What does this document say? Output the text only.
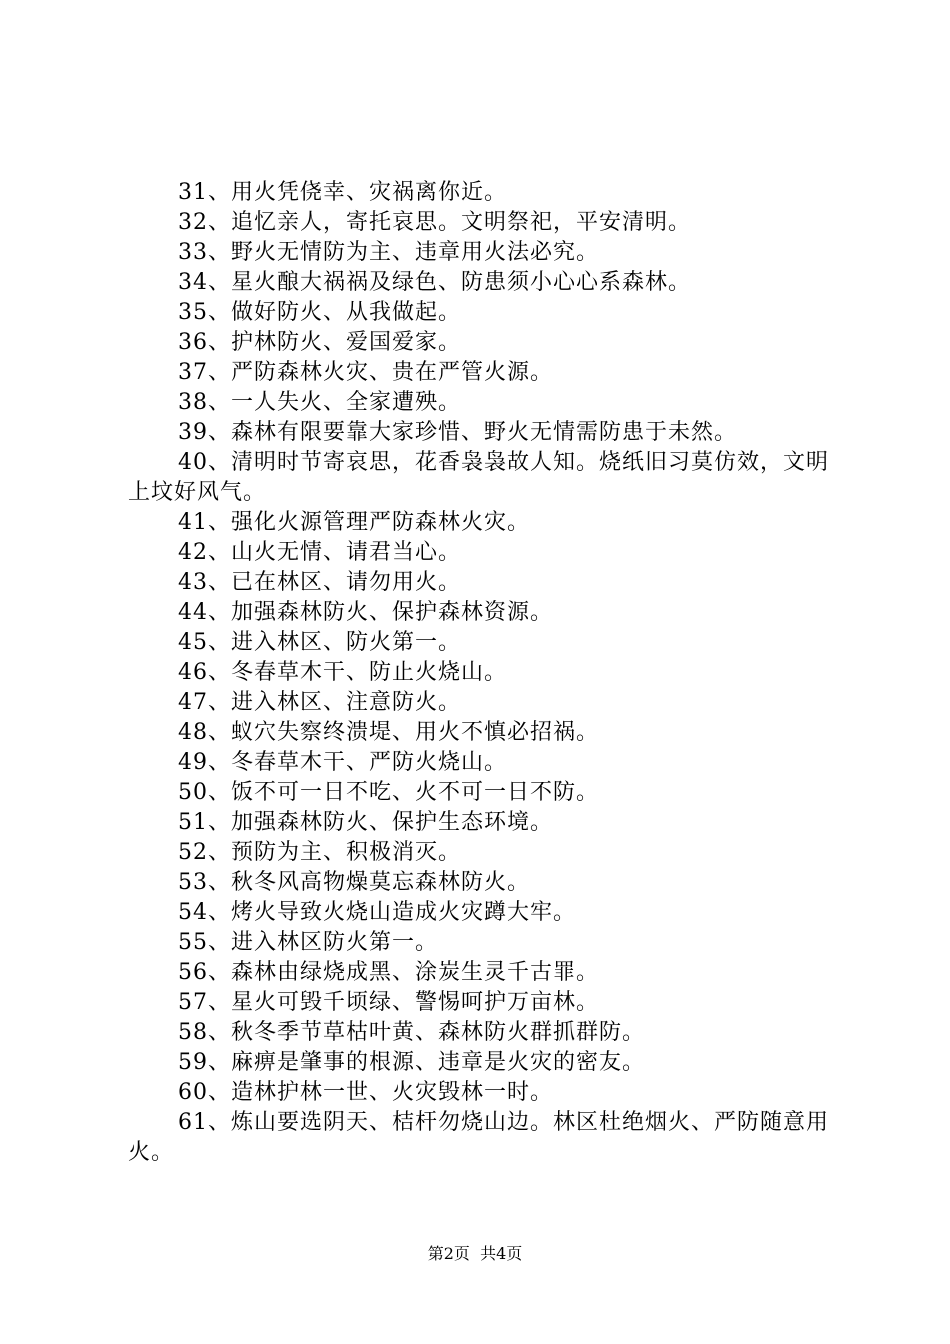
31、用火凭侥幸、灾祸离你近。

32、追忆亲人，寄托哀思。文明祭祀，平安清明。

33、野火无情防为主、违章用火法必究。

34、星火酿大祸祸及绿色、防患须小心心系森林。

35、做好防火、从我做起。

36、护林防火、爱国爱家。

37、严防森林火灾、贵在严管火源。

38、一人失火、全家遭殃。

39、森林有限要靠大家珍惜、野火无情需防患于未然。

40、清明时节寄哀思，花香袅袅故人知。烧纸旧习莫仿效，文明上坟好风气。

41、强化火源管理严防森林火灾。

42、山火无情、请君当心。

43、已在林区、请勿用火。

44、加强森林防火、保护森林资源。

45、进入林区、防火第一。

46、冬春草木干、防止火烧山。

47、进入林区、注意防火。

48、蚁穴失察终溃堤、用火不慎必招祸。

49、冬春草木干、严防火烧山。

50、饭不可一日不吃、火不可一日不防。

51、加强森林防火、保护生态环境。

52、预防为主、积极消灭。

53、秋冬风高物燥莫忘森林防火。

54、烤火导致火烧山造成火灾蹲大牢。

55、进入林区防火第一。

56、森林由绿烧成黑、涂炭生灵千古罪。

57、星火可毁千顷绿、警惕呵护万亩林。

58、秋冬季节草枯叶黄、森林防火群抓群防。

59、麻痹是肇事的根源、违章是火灾的密友。

60、造林护林一世、火灾毁林一时。

61、炼山要选阴天、桔杆勿烧山边。林区杜绝烟火、严防随意用火。

第2页  共4页
